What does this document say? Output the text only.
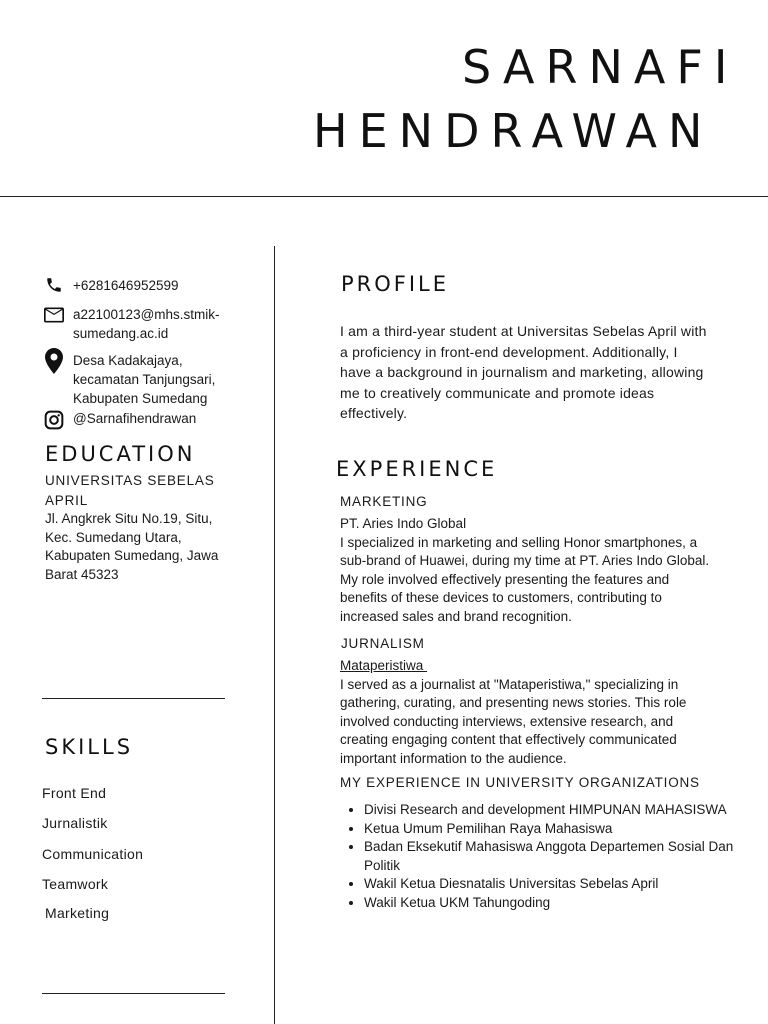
SARNAFI
HENDRAWAN
+6281646952599
a22100123@mhs.stmik-
sumedang.ac.id
Desa Kadakajaya,
kecamatan Tanjungsari,
Kabupaten Sumedang
@Sarnafihendrawan
EDUCATION
UNIVERSITAS SEBELAS
APRIL
Jl. Angkrek Situ No.19, Situ,
Kec. Sumedang Utara,
Kabupaten Sumedang, Jawa
Barat 45323
SKILLS
Front End
Jurnalistik
Communication
Teamwork
Marketing
PROFILE
I am a third-year student at Universitas Sebelas April with
a proficiency in front-end development. Additionally, I
have a background in journalism and marketing, allowing
me to creatively communicate and promote ideas
effectively.
EXPERIENCE
MARKETING
PT. Aries Indo Global
I specialized in marketing and selling Honor smartphones, a
sub-brand of Huawei, during my time at PT. Aries Indo Global.
My role involved effectively presenting the features and
benefits of these devices to customers, contributing to
increased sales and brand recognition.
JURNALISM
Mataperistiwa
I served as a journalist at "Mataperistiwa," specializing in
gathering, curating, and presenting news stories. This role
involved conducting interviews, extensive research, and
creating engaging content that effectively communicated
important information to the audience.
MY EXPERIENCE IN UNIVERSITY ORGANIZATIONS
• Divisi Research and development HIMPUNAN MAHASISWA
• Ketua Umum Pemilihan Raya Mahasiswa
• Badan Eksekutif Mahasiswa Anggota Departemen Sosial Dan Politik
• Wakil Ketua Diesnatalis Universitas Sebelas April
• Wakil Ketua UKM Tahungoding
